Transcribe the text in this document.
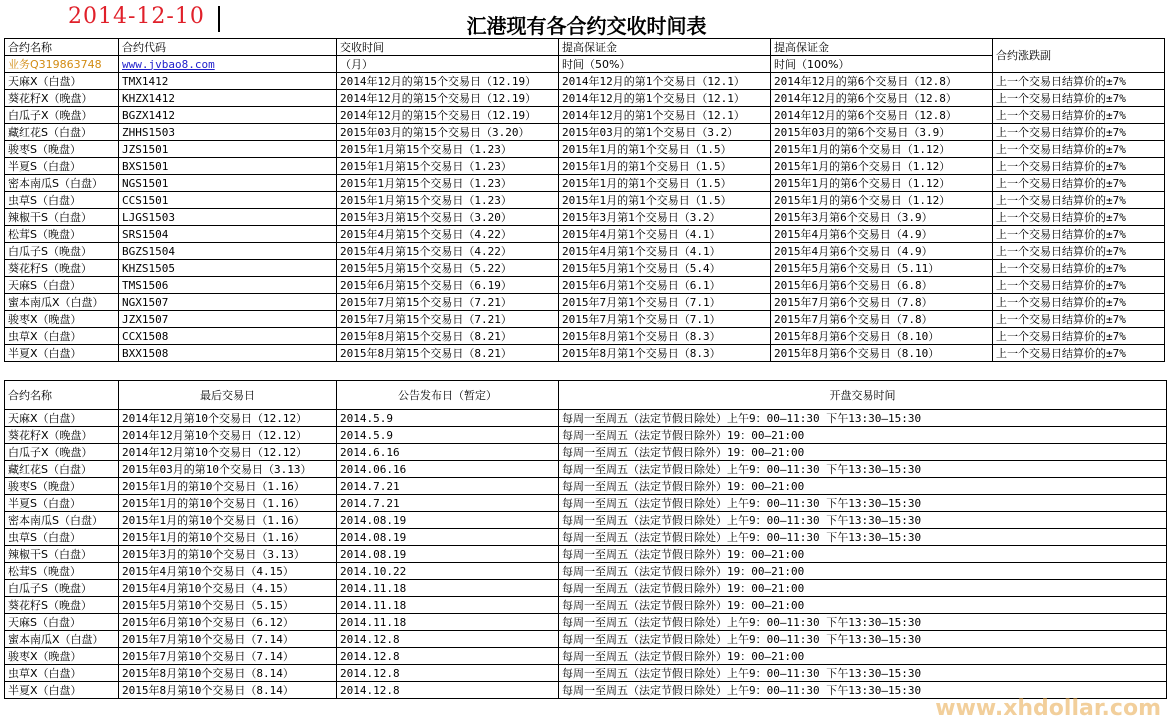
2014-12-10	汇港现有各合约交收时间表
合约名称	合约代码	交收时间	提高保证金	提高保证金	合约涨跌副
业务Q319863748	www.jvbao8.com	（月）	时间（50%）	时间（100%）	
天麻X（白盘）	TMX1412	2014年12月的第15个交易日（12.19）	2014年12月的第1个交易日（12.1）	2014年12月的第6个交易日（12.8）	上一个交易日结算价的±7%
葵花籽X（晚盘）	KHZX1412	2014年12月的第15个交易日（12.19）	2014年12月的第1个交易日（12.1）	2014年12月的第6个交易日（12.8）	上一个交易日结算价的±7%
白瓜子X（晚盘）	BGZX1412	2014年12月的第15个交易日（12.19）	2014年12月的第1个交易日（12.1）	2014年12月的第6个交易日（12.8）	上一个交易日结算价的±7%
藏红花S（白盘）	ZHHS1503	2015年03月的第15个交易日（3.20）	2015年03月的第1个交易日（3.2）	2015年03月的第6个交易日（3.9）	上一个交易日结算价的±7%
骏枣S（晚盘）	JZS1501	2015年1月第15个交易日（1.23）	2015年1月的第1个交易日（1.5）	2015年1月的第6个交易日（1.12）	上一个交易日结算价的±7%
半夏S（白盘）	BXS1501	2015年1月第15个交易日（1.23）	2015年1月的第1个交易日（1.5）	2015年1月的第6个交易日（1.12）	上一个交易日结算价的±7%
密本南瓜S（白盘）	NGS1501	2015年1月第15个交易日（1.23）	2015年1月的第1个交易日（1.5）	2015年1月的第6个交易日（1.12）	上一个交易日结算价的±7%
虫草S（白盘）	CCS1501	2015年1月第15个交易日（1.23）	2015年1月的第1个交易日（1.5）	2015年1月的第6个交易日（1.12）	上一个交易日结算价的±7%
辣椒干S（白盘）	LJGS1503	2015年3月第15个交易日（3.20）	2015年3月第1个交易日（3.2）	2015年3月第6个交易日（3.9）	上一个交易日结算价的±7%
松茸S（晚盘）	SRS1504	2015年4月第15个交易日（4.22）	2015年4月第1个交易日（4.1）	2015年4月第6个交易日（4.9）	上一个交易日结算价的±7%
白瓜子S（晚盘）	BGZS1504	2015年4月第15个交易日（4.22）	2015年4月第1个交易日（4.1）	2015年4月第6个交易日（4.9）	上一个交易日结算价的±7%
葵花籽S（晚盘）	KHZS1505	2015年5月第15个交易日（5.22）	2015年5月第1个交易日（5.4）	2015年5月第6个交易日（5.11）	上一个交易日结算价的±7%
天麻S（白盘）	TMS1506	2015年6月第15个交易日（6.19）	2015年6月第1个交易日（6.1）	2015年6月第6个交易日（6.8）	上一个交易日结算价的±7%
蜜本南瓜X（白盘）	NGX1507	2015年7月第15个交易日（7.21）	2015年7月第1个交易日（7.1）	2015年7月第6个交易日（7.8）	上一个交易日结算价的±7%
骏枣X（晚盘）	JZX1507	2015年7月第15个交易日（7.21）	2015年7月第1个交易日（7.1）	2015年7月第6个交易日（7.8）	上一个交易日结算价的±7%
虫草X（白盘）	CCX1508	2015年8月第15个交易日（8.21）	2015年8月第1个交易日（8.3）	2015年8月第6个交易日（8.10）	上一个交易日结算价的±7%
半夏X（白盘）	BXX1508	2015年8月第15个交易日（8.21）	2015年8月第1个交易日（8.3）	2015年8月第6个交易日（8.10）	上一个交易日结算价的±7%
合约名称	最后交易日	公告发布日（暂定）	开盘交易时间
天麻X（白盘）	2014年12月第10个交易日（12.12）	2014.5.9	每周一至周五（法定节假日除处）上午9：00—11:30 下午13:30—15:30
葵花籽X（晚盘）	2014年12月第10个交易日（12.12）	2014.5.9	每周一至周五（法定节假日除外）19：00—21:00
白瓜子X（晚盘）	2014年12月第10个交易日（12.12）	2014.6.16	每周一至周五（法定节假日除外）19：00—21:00
藏红花S（白盘）	2015年03月的第10个交易日（3.13）	2014.06.16	每周一至周五（法定节假日除处）上午9：00—11:30 下午13:30—15:30
骏枣S（晚盘）	2015年1月的第10个交易日（1.16）	2014.7.21	每周一至周五（法定节假日除外）19：00—21:00
半夏S（白盘）	2015年1月的第10个交易日（1.16）	2014.7.21	每周一至周五（法定节假日除处）上午9：00—11:30 下午13:30—15:30
密本南瓜S（白盘）	2015年1月的第10个交易日（1.16）	2014.08.19	每周一至周五（法定节假日除处）上午9：00—11:30 下午13:30—15:30
虫草S（白盘）	2015年1月的第10个交易日（1.16）	2014.08.19	每周一至周五（法定节假日除处）上午9：00—11:30 下午13:30—15:30
辣椒干S（白盘）	2015年3月的第10个交易日（3.13）	2014.08.19	每周一至周五（法定节假日除外）19：00—21:00
松茸S（晚盘）	2015年4月第10个交易日（4.15）	2014.10.22	每周一至周五（法定节假日除外）19：00—21:00
白瓜子S（晚盘）	2015年4月第10个交易日（4.15）	2014.11.18	每周一至周五（法定节假日除外）19：00—21:00
葵花籽S（晚盘）	2015年5月第10个交易日（5.15）	2014.11.18	每周一至周五（法定节假日除外）19：00—21:00
天麻S（白盘）	2015年6月第10个交易日（6.12）	2014.11.18	每周一至周五（法定节假日除处）上午9：00—11:30 下午13:30—15:30
蜜本南瓜X（白盘）	2015年7月第10个交易日（7.14）	2014.12.8	每周一至周五（法定节假日除处）上午9：00—11:30 下午13:30—15:30
骏枣X（晚盘）	2015年7月第10个交易日（7.14）	2014.12.8	每周一至周五（法定节假日除外）19：00—21:00
虫草X（白盘）	2015年8月第10个交易日（8.14）	2014.12.8	每周一至周五（法定节假日除处）上午9：00—11:30 下午13:30—15:30
半夏X（白盘）	2015年8月第10个交易日（8.14）	2014.12.8	每周一至周五（法定节假日除处）上午9：00—11:30 下午13:30—15:30
www.xhdollar.com
